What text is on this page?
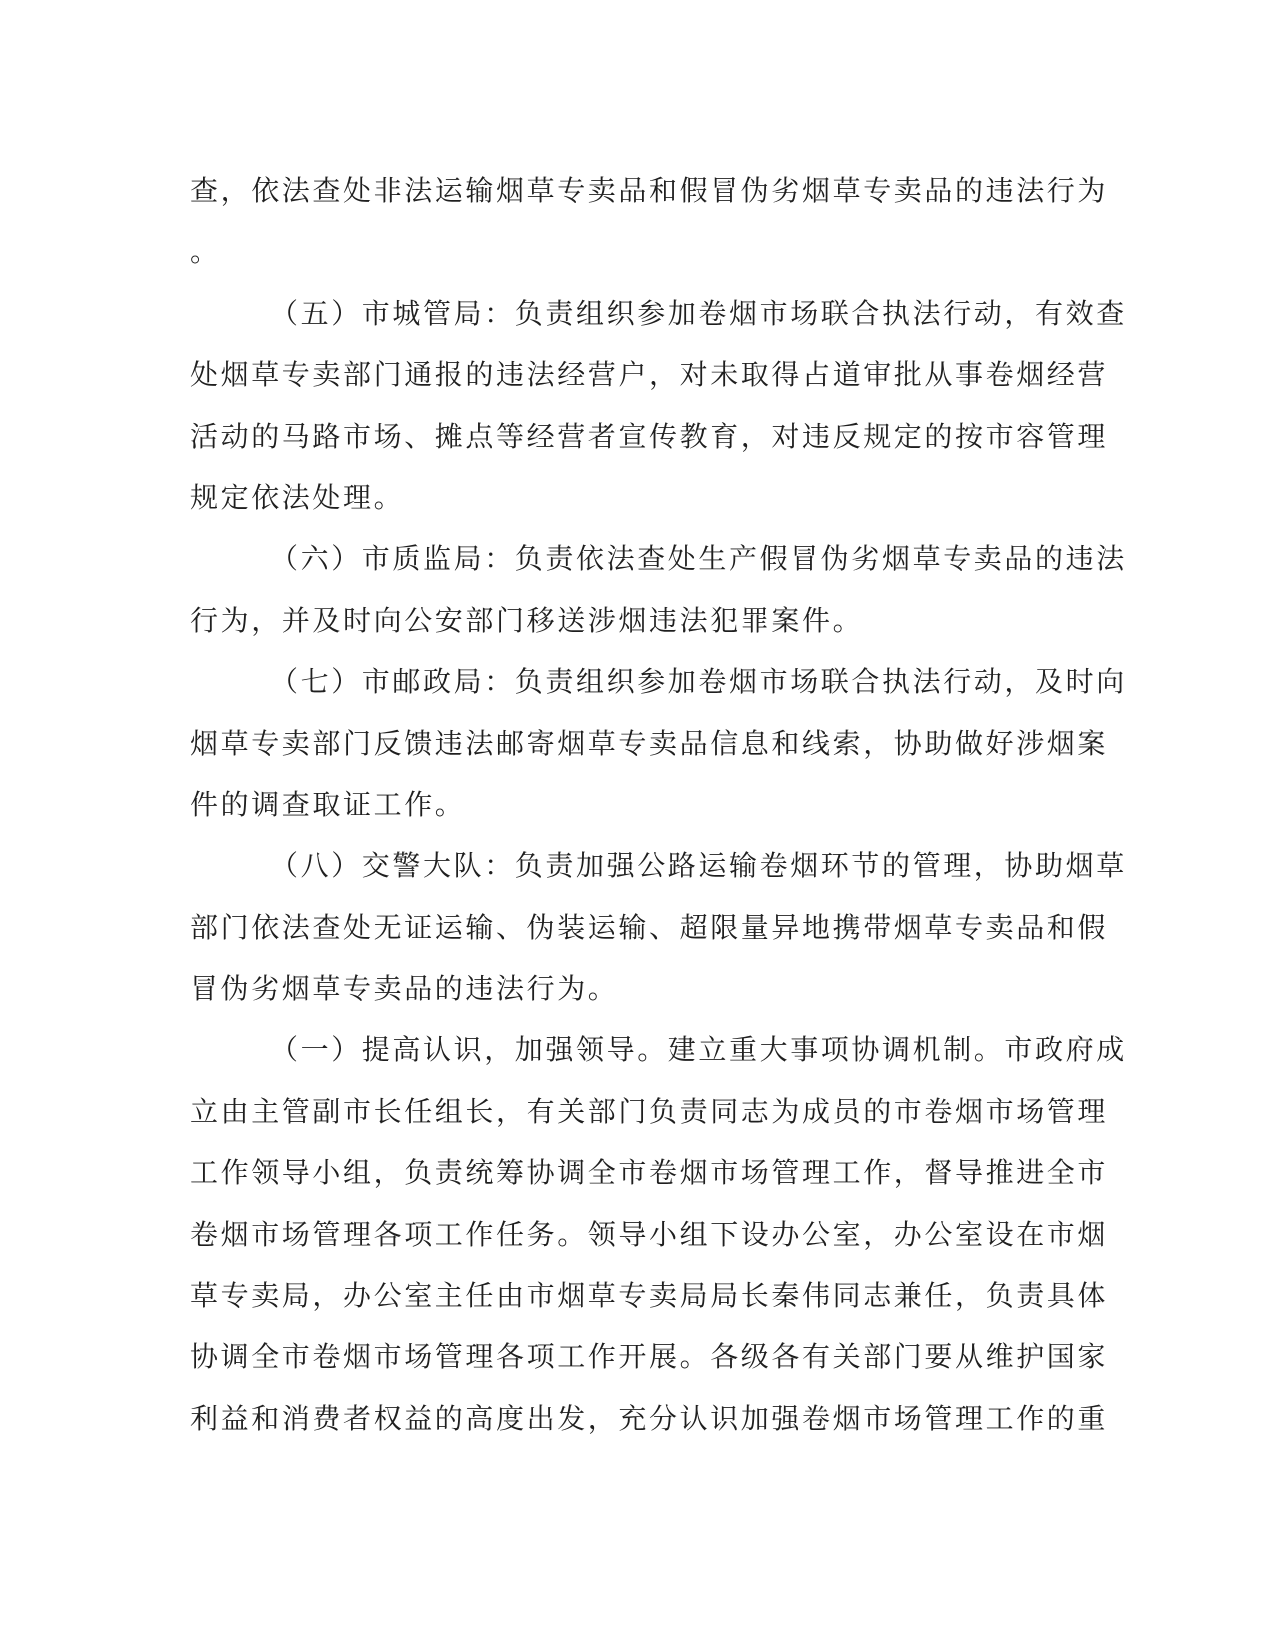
查，依法查处非法运输烟草专卖品和假冒伪劣烟草专卖品的违法行为
。
（五）市城管局：负责组织参加卷烟市场联合执法行动，有效查
处烟草专卖部门通报的违法经营户，对未取得占道审批从事卷烟经营
活动的马路市场、摊点等经营者宣传教育，对违反规定的按市容管理
规定依法处理。
（六）市质监局：负责依法查处生产假冒伪劣烟草专卖品的违法
行为，并及时向公安部门移送涉烟违法犯罪案件。
（七）市邮政局：负责组织参加卷烟市场联合执法行动，及时向
烟草专卖部门反馈违法邮寄烟草专卖品信息和线索，协助做好涉烟案
件的调查取证工作。
（八）交警大队：负责加强公路运输卷烟环节的管理，协助烟草
部门依法查处无证运输、伪装运输、超限量异地携带烟草专卖品和假
冒伪劣烟草专卖品的违法行为。
（一）提高认识，加强领导。建立重大事项协调机制。市政府成
立由主管副市长任组长，有关部门负责同志为成员的市卷烟市场管理
工作领导小组，负责统筹协调全市卷烟市场管理工作，督导推进全市
卷烟市场管理各项工作任务。领导小组下设办公室，办公室设在市烟
草专卖局，办公室主任由市烟草专卖局局长秦伟同志兼任，负责具体
协调全市卷烟市场管理各项工作开展。各级各有关部门要从维护国家
利益和消费者权益的高度出发，充分认识加强卷烟市场管理工作的重
